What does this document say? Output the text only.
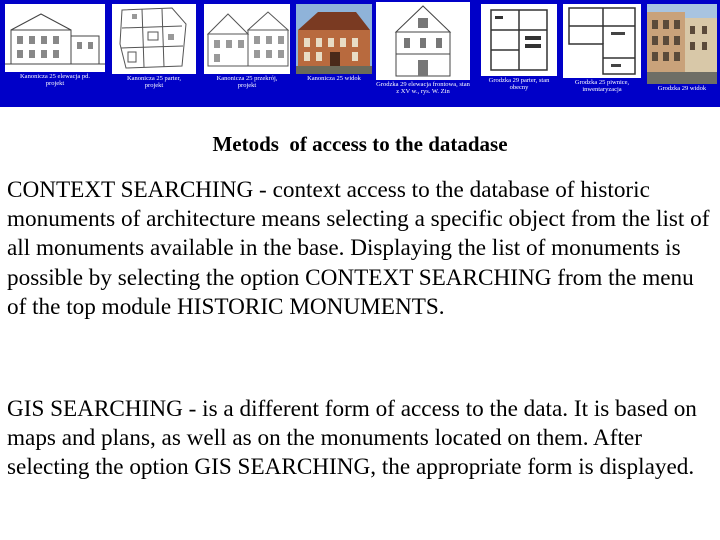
Kanonicza 25 elewacja pd.
projekt
Kanonicza 25 parter,
projekt
Kanonicza 25 przekrój,
projekt
Kanonicza 25 widok
Grodzka 29 elewacja frontowa, stan
z XV w., rys. W. Zin
Grodzka 29 parter, stan
obecny
Grodzka 25 piwnice,
inwentaryzacja	Grodzka 29 widok
Metods  of access to the datadase

CONTEXT SEARCHING - context access to the database of historic monuments of architecture means selecting a specific object from the list of all monuments available in the base. Displaying the list of monuments is possible by selecting the option CONTEXT SEARCHING from the menu of the top module HISTORIC MONUMENTS.

GIS SEARCHING - is a different form of access to the data. It is based on maps and plans, as well as on the monuments located on them. After selecting the option GIS SEARCHING, the appropriate form is displayed.
